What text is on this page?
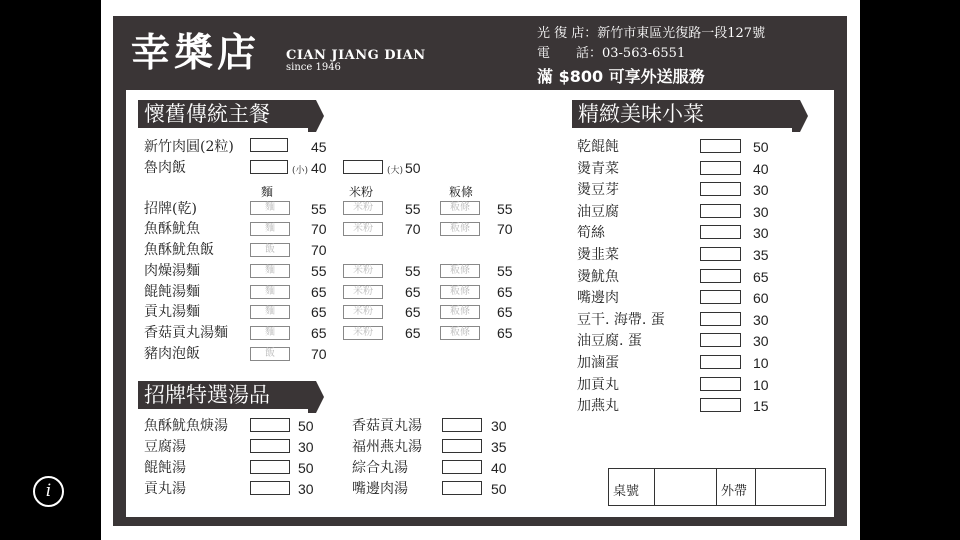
幸槳店 CIAN JIANG DIAN
since 1946
光 復 店：新竹市東區光復路一段127號
電　　話：03-563-6551
滿 $800 可享外送服務
懷舊傳統主餐
招牌特選湯品
精緻美味小菜
新竹肉圓(2粒)	45
魯肉飯	(小) 40	(大) 50
麵	米粉	粄條
招牌(乾)	麵	55	米粉	55	粄條	55
魚酥魷魚	麵	70	米粉	70	粄條	70
魚酥魷魚飯	飯	70
肉燥湯麵	麵	55	米粉	55	粄條	55
餛飩湯麵	麵	65	米粉	65	粄條	65
貢丸湯麵	麵	65	米粉	65	粄條	65
香菇貢丸湯麵	麵	65	米粉	65	粄條	65
豬肉泡飯	飯	70
魚酥魷魚焿湯	50
豆腐湯	30
餛飩湯	50
貢丸湯	30
香菇貢丸湯	30
福州燕丸湯	35
綜合丸湯	40
嘴邊肉湯	50
乾餛飩	50
燙青菜	40
燙豆芽	30
油豆腐	30
筍絲	30
燙韭菜	35
燙魷魚	65
嘴邊肉	60
豆干. 海帶. 蛋	30
油豆腐. 蛋	30
加滷蛋	10
加貢丸	10
加燕丸	15
桌號	外帶
i
